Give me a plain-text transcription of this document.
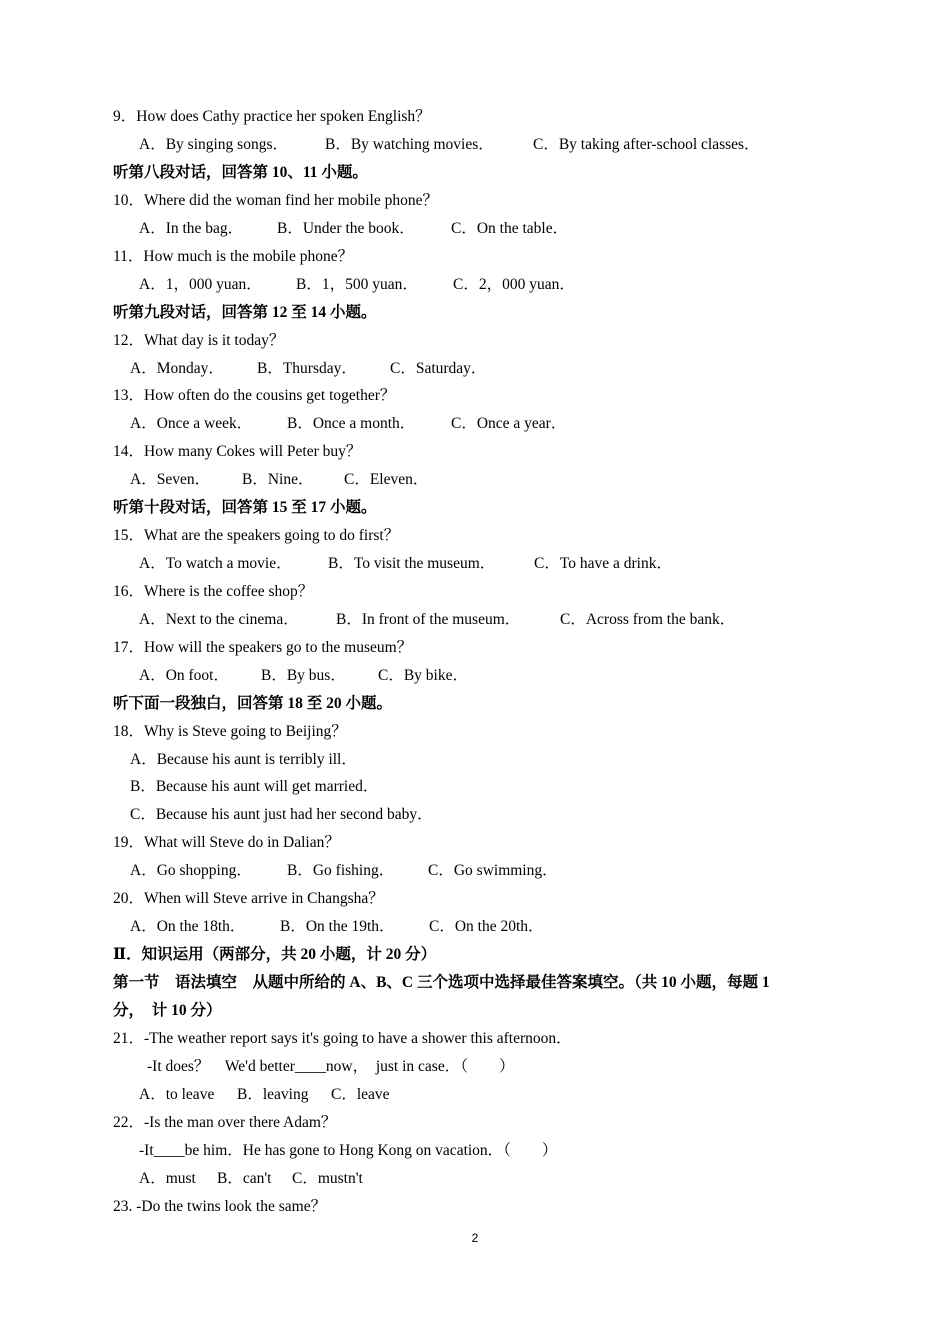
9．How does Cathy practice her spoken English？
A．By singing songs． B．By watching movies．	C．By taking after-school classes．
听第八段对话，回答第 10、11 小题。
10．Where did the woman find her mobile phone？
A．In the bag． B．Under the book． C．On the table．
11．How much is the mobile phone？
A．1，000 yuan． B．1，500 yuan． C．2，000 yuan．
听第九段对话，回答第 12 至 14 小题。
12．What day is it today？
A．Monday． B．Thursday． C．Saturday．
13．How often do the cousins get together？
A．Once a week． B．Once a month． C．Once a year．
14．How many Cokes will Peter buy？
A．Seven． B．Nine． C．Eleven．
听第十段对话，回答第 15 至 17 小题。
15．What are the speakers going to do first？
A．To watch a movie． B．To visit the museum． C．To have a drink．
16．Where is the coffee shop？
A．Next to the cinema． B．In front of the museum．	C．Across from the bank．
17．How will the speakers go to the museum？
A．On foot． B．By bus． C．By bike．
听下面一段独白，回答第 18 至 20 小题。
18．Why is Steve going to Beijing？
A．Because his aunt is terribly ill．
B．Because his aunt will get married．
C．Because his aunt just had her second baby．
19．What will Steve do in Dalian？
A．Go shopping． B．Go fishing． C．Go swimming．
20．When will Steve arrive in Changsha？
A．On the 18th． B．On the 19th． C．On the 20th．
Ⅱ．知识运用（两部分，共 20 小题，计 20 分）
第一节　语法填空　从题中所给的 A、B、C 三个选项中选择最佳答案填空。（共 10 小题，每题 1
分，　计 10 分）
21．-The weather report says it's going to have a shower this afternoon．
-It does？　We'd better____now，　just in case．（　　）
A．to leave B．leaving C．leave
22．-Is the man over there Adam？
-It____be him．He has gone to Hong Kong on vacation．（　　）
A．must B．can't C．mustn't
23. -Do the twins look the same？
2
